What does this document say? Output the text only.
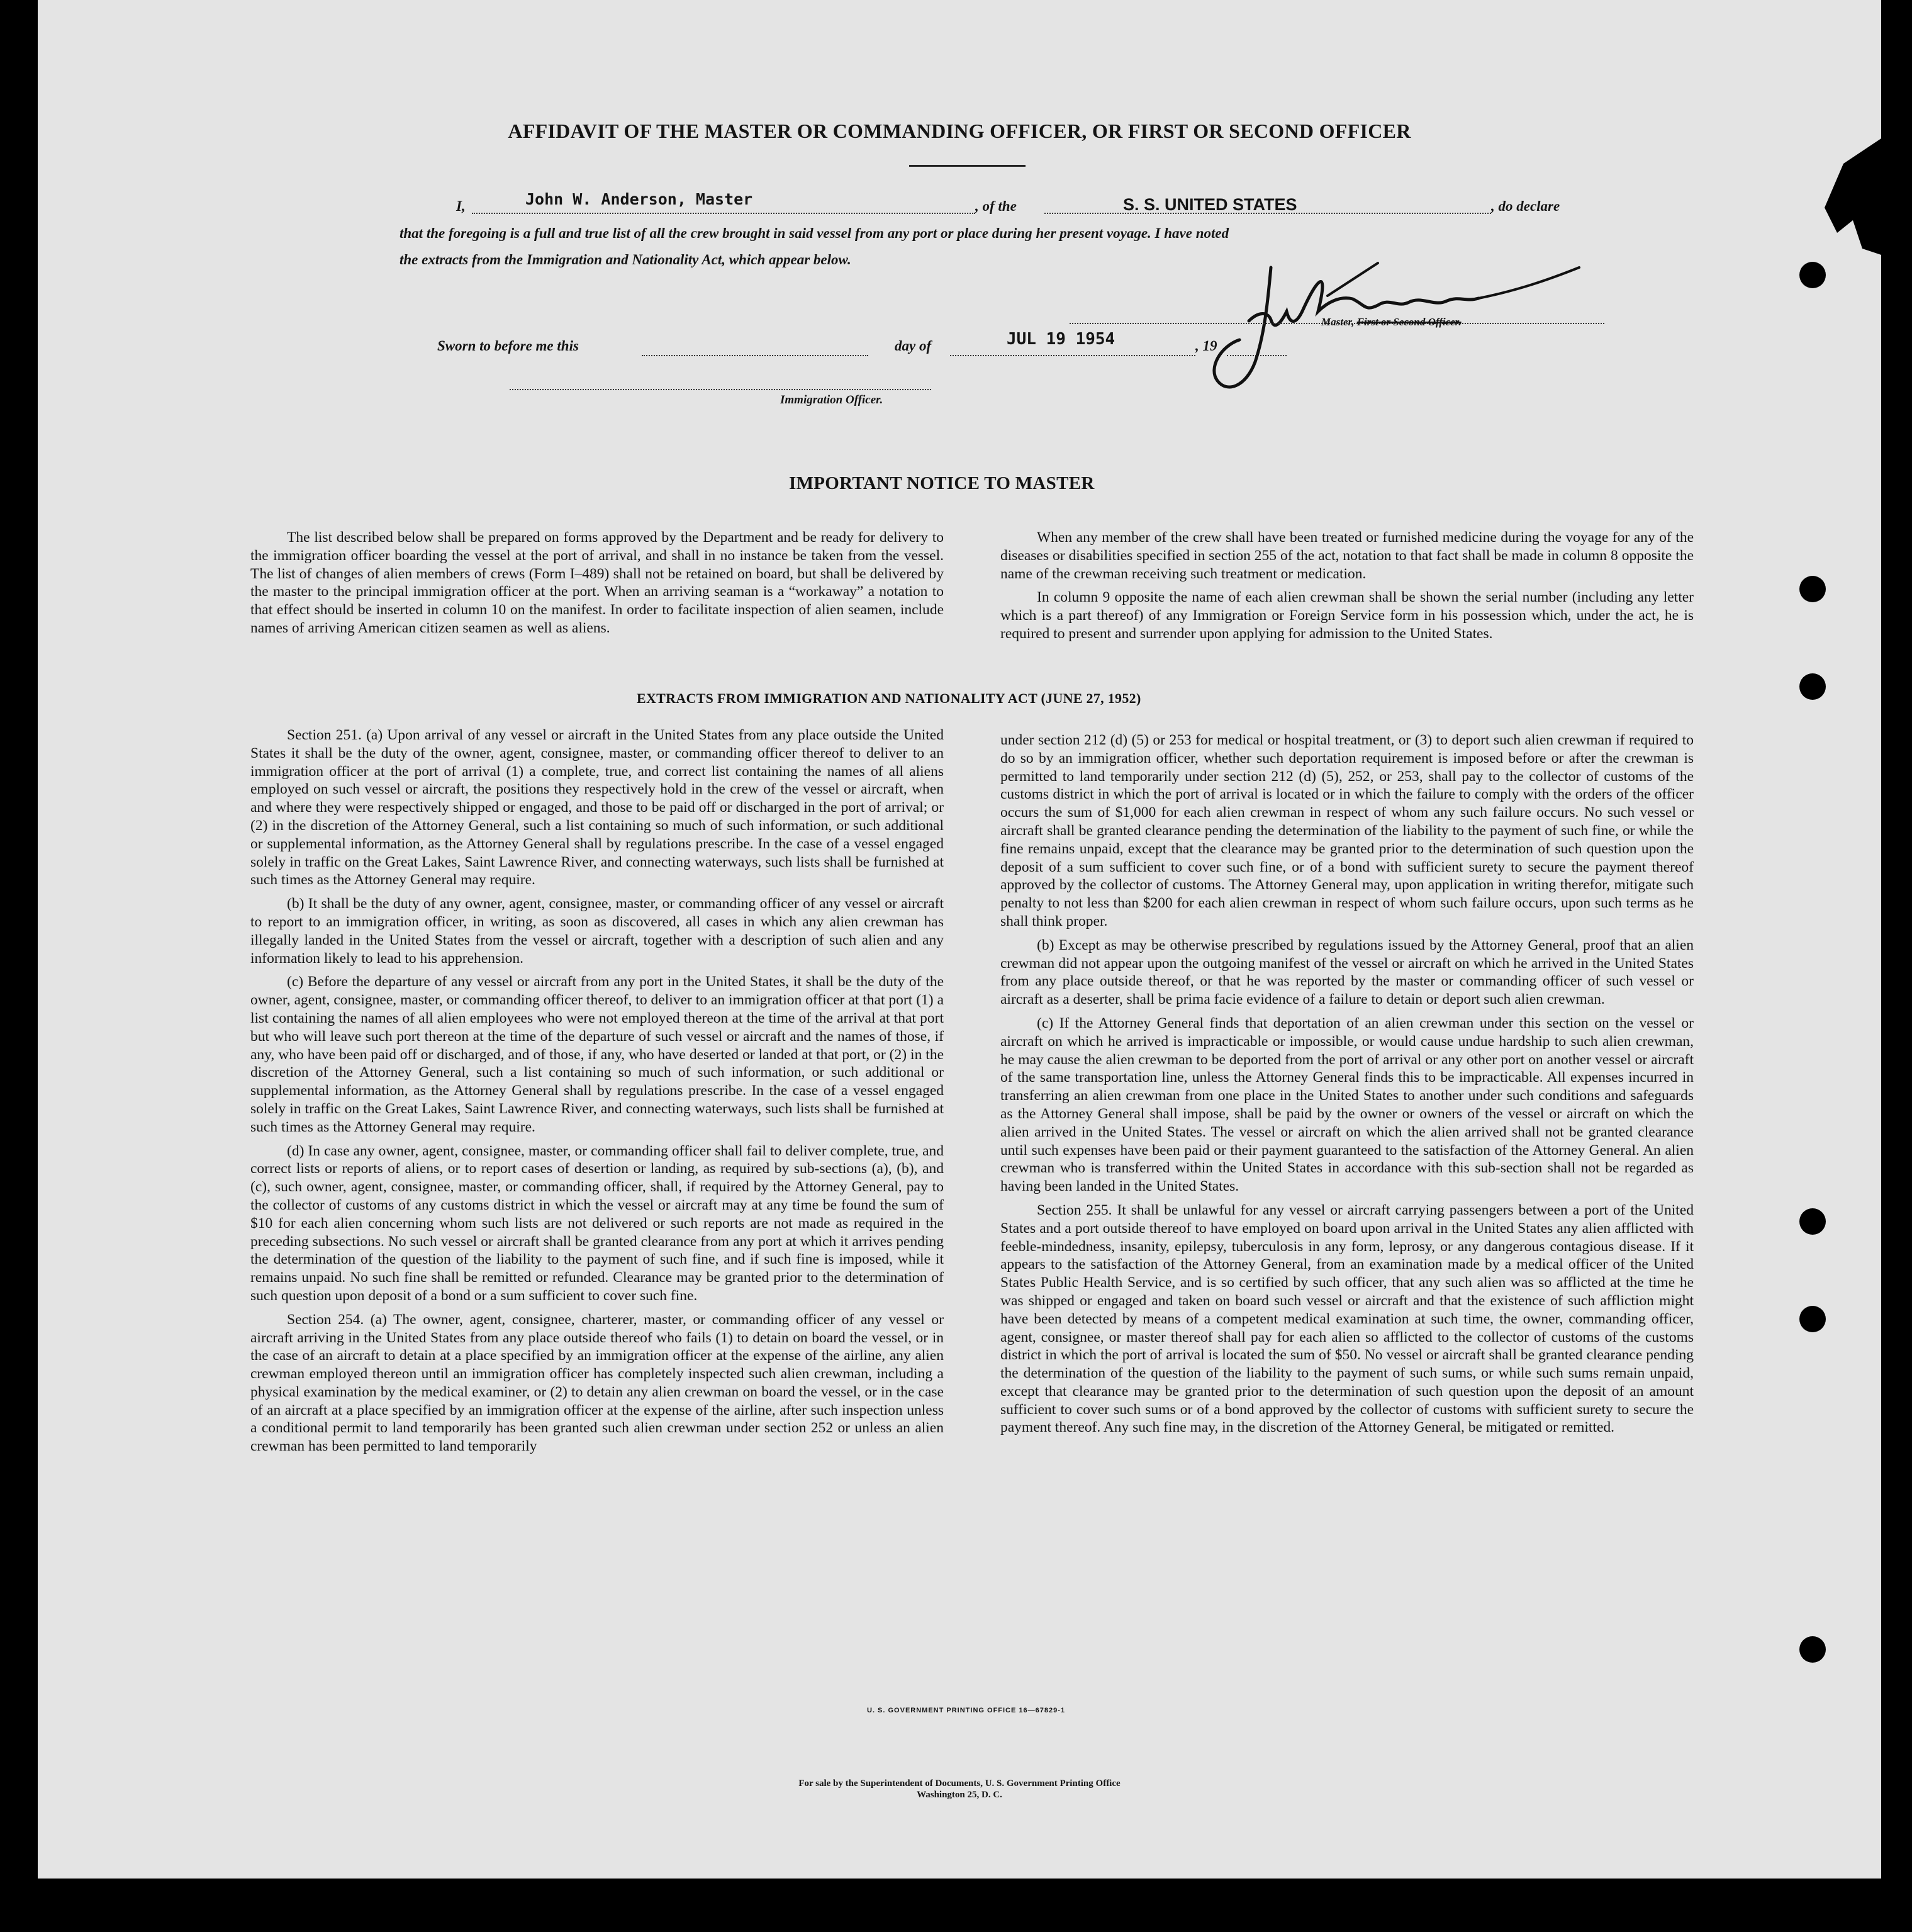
AFFIDAVIT OF THE MASTER OR COMMANDING OFFICER, OR FIRST OR SECOND OFFICER
I,	John W. Anderson, Master	, of the	S. S. UNITED STATES	, do declare
that the foregoing is a full and true list of all the crew brought in said vessel from any port or place during her present voyage. I have noted
the extracts from the Immigration and Nationality Act, which appear below.
Master, First or Second Officer.
Sworn to before me this	day of	JUL 19 1954	, 19
Immigration Officer.
IMPORTANT NOTICE TO MASTER

The list described below shall be prepared on forms approved by the Department and be ready for delivery to the immigration officer boarding the vessel at the port of arrival, and shall in no instance be taken from the vessel. The list of changes of alien members of crews (Form I–489) shall not be retained on board, but shall be delivered by the master to the principal immigration officer at the port. When an arriving seaman is a “workaway” a notation to that effect should be inserted in column 10 on the manifest. In order to facilitate inspection of alien seamen, include names of arriving American citizen seamen as well as aliens.

When any member of the crew shall have been treated or furnished medicine during the voyage for any of the diseases or disabilities specified in section 255 of the act, notation to that fact shall be made in column 8 opposite the name of the crewman receiving such treatment or medication.

In column 9 opposite the name of each alien crewman shall be shown the serial number (including any letter which is a part thereof) of any Immigration or Foreign Service form in his possession which, under the act, he is required to present and surrender upon applying for admission to the United States.

EXTRACTS FROM IMMIGRATION AND NATIONALITY ACT (JUNE 27, 1952)

Section 251. (a) Upon arrival of any vessel or aircraft in the United States from any place outside the United States it shall be the duty of the owner, agent, consignee, master, or commanding officer thereof to deliver to an immigration officer at the port of arrival (1) a complete, true, and correct list containing the names of all aliens employed on such vessel or aircraft, the positions they respectively hold in the crew of the vessel or aircraft, when and where they were respectively shipped or engaged, and those to be paid off or discharged in the port of arrival; or (2) in the discretion of the Attorney General, such a list containing so much of such information, or such additional or supplemental information, as the Attorney General shall by regulations prescribe. In the case of a vessel engaged solely in traffic on the Great Lakes, Saint Lawrence River, and connecting waterways, such lists shall be furnished at such times as the Attorney General may require.

(b) It shall be the duty of any owner, agent, consignee, master, or commanding officer of any vessel or aircraft to report to an immigration officer, in writing, as soon as discovered, all cases in which any alien crewman has illegally landed in the United States from the vessel or aircraft, together with a description of such alien and any information likely to lead to his apprehension.

(c) Before the departure of any vessel or aircraft from any port in the United States, it shall be the duty of the owner, agent, consignee, master, or commanding officer thereof, to deliver to an immigration officer at that port (1) a list containing the names of all alien employees who were not employed thereon at the time of the arrival at that port but who will leave such port thereon at the time of the departure of such vessel or aircraft and the names of those, if any, who have been paid off or discharged, and of those, if any, who have deserted or landed at that port, or (2) in the discretion of the Attorney General, such a list containing so much of such information, or such additional or supplemental information, as the Attorney General shall by regulations prescribe. In the case of a vessel engaged solely in traffic on the Great Lakes, Saint Lawrence River, and connecting waterways, such lists shall be furnished at such times as the Attorney General may require.

(d) In case any owner, agent, consignee, master, or commanding officer shall fail to deliver complete, true, and correct lists or reports of aliens, or to report cases of desertion or landing, as required by sub-sections (a), (b), and (c), such owner, agent, consignee, master, or commanding officer, shall, if required by the Attorney General, pay to the collector of customs of any customs district in which the vessel or aircraft may at any time be found the sum of $10 for each alien concerning whom such lists are not delivered or such reports are not made as required in the preceding subsections. No such vessel or aircraft shall be granted clearance from any port at which it arrives pending the determination of the question of the liability to the payment of such fine, and if such fine is imposed, while it remains unpaid. No such fine shall be remitted or refunded. Clearance may be granted prior to the determination of such question upon deposit of a bond or a sum sufficient to cover such fine.

Section 254. (a) The owner, agent, consignee, charterer, master, or commanding officer of any vessel or aircraft arriving in the United States from any place outside thereof who fails (1) to detain on board the vessel, or in the case of an aircraft to detain at a place specified by an immigration officer at the expense of the airline, any alien crewman employed thereon until an immigration officer has completely inspected such alien crewman, including a physical examination by the medical examiner, or (2) to detain any alien crewman on board the vessel, or in the case of an aircraft at a place specified by an immigration officer at the expense of the airline, after such inspection unless a conditional permit to land temporarily has been granted such alien crewman under section 252 or unless an alien crewman has been permitted to land temporarily

under section 212 (d) (5) or 253 for medical or hospital treatment, or (3) to deport such alien crewman if required to do so by an immigration officer, whether such deportation requirement is imposed before or after the crewman is permitted to land temporarily under section 212 (d) (5), 252, or 253, shall pay to the collector of customs of the customs district in which the port of arrival is located or in which the failure to comply with the orders of the officer occurs the sum of $1,000 for each alien crewman in respect of whom any such failure occurs. No such vessel or aircraft shall be granted clearance pending the determination of the liability to the payment of such fine, or while the fine remains unpaid, except that the clearance may be granted prior to the determination of such question upon the deposit of a sum sufficient to cover such fine, or of a bond with sufficient surety to secure the payment thereof approved by the collector of customs. The Attorney General may, upon application in writing therefor, mitigate such penalty to not less than $200 for each alien crewman in respect of whom such failure occurs, upon such terms as he shall think proper.

(b) Except as may be otherwise prescribed by regulations issued by the Attorney General, proof that an alien crewman did not appear upon the outgoing manifest of the vessel or aircraft on which he arrived in the United States from any place outside thereof, or that he was reported by the master or commanding officer of such vessel or aircraft as a deserter, shall be prima facie evidence of a failure to detain or deport such alien crewman.

(c) If the Attorney General finds that deportation of an alien crewman under this section on the vessel or aircraft on which he arrived is impracticable or impossible, or would cause undue hardship to such alien crewman, he may cause the alien crewman to be deported from the port of arrival or any other port on another vessel or aircraft of the same transportation line, unless the Attorney General finds this to be impracticable. All expenses incurred in transferring an alien crewman from one place in the United States to another under such conditions and safeguards as the Attorney General shall impose, shall be paid by the owner or owners of the vessel or aircraft on which the alien arrived in the United States. The vessel or aircraft on which the alien arrived shall not be granted clearance until such expenses have been paid or their payment guaranteed to the satisfaction of the Attorney General. An alien crewman who is transferred within the United States in accordance with this sub-section shall not be regarded as having been landed in the United States.

Section 255. It shall be unlawful for any vessel or aircraft carrying passengers between a port of the United States and a port outside thereof to have employed on board upon arrival in the United States any alien afflicted with feeble-mindedness, insanity, epilepsy, tuberculosis in any form, leprosy, or any dangerous contagious disease. If it appears to the satisfaction of the Attorney General, from an examination made by a medical officer of the United States Public Health Service, and is so certified by such officer, that any such alien was so afflicted at the time he was shipped or engaged and taken on board such vessel or aircraft and that the existence of such affliction might have been detected by means of a competent medical examination at such time, the owner, commanding officer, agent, consignee, or master thereof shall pay for each alien so afflicted to the collector of customs of the customs district in which the port of arrival is located the sum of $50. No vessel or aircraft shall be granted clearance pending the determination of the question of the liability to the payment of such sums, or while such sums remain unpaid, except that clearance may be granted prior to the determination of such question upon the deposit of an amount sufficient to cover such sums or of a bond approved by the collector of customs with sufficient surety to secure the payment thereof. Any such fine may, in the discretion of the Attorney General, be mitigated or remitted.

U. S. GOVERNMENT PRINTING OFFICE 16—67829-1
For sale by the Superintendent of Documents, U. S. Government Printing Office
Washington 25, D. C.
